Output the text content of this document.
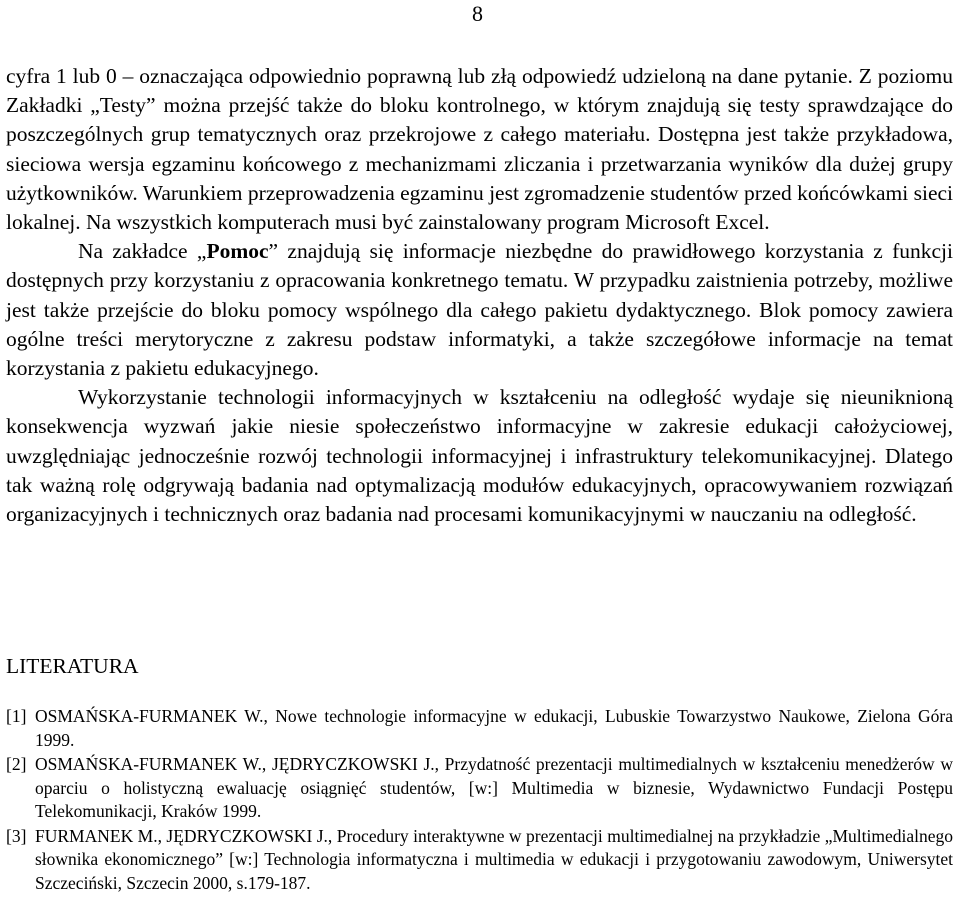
8

cyfra 1 lub 0 – oznaczająca odpowiednio poprawną lub złą odpowiedź udzieloną na dane pytanie. Z poziomu Zakładki „Testy” można przejść także do bloku kontrolnego, w którym znajdują się testy sprawdzające do poszczególnych grup tematycznych oraz przekrojowe z całego materiału. Dostępna jest także przykładowa, sieciowa wersja egzaminu końcowego z mechanizmami zliczania i przetwarzania wyników dla dużej grupy użytkowników. Warunkiem przeprowadzenia egzaminu jest zgromadzenie studentów przed końcówkami sieci lokalnej. Na wszystkich komputerach musi być zainstalowany program Microsoft Excel.

Na zakładce „Pomoc” znajdują się informacje niezbędne do prawidłowego korzystania z funkcji dostępnych przy korzystaniu z opracowania konkretnego tematu. W przypadku zaistnienia potrzeby, możliwe jest także przejście do bloku pomocy wspólnego dla całego pakietu dydaktycznego. Blok pomocy zawiera ogólne treści merytoryczne z zakresu podstaw informatyki, a także szczegółowe informacje na temat korzystania z pakietu edukacyjnego.

Wykorzystanie technologii informacyjnych w kształceniu na odległość wydaje się nieuniknioną konsekwencja wyzwań jakie niesie społeczeństwo informacyjne w zakresie edukacji całożyciowej, uwzględniając jednocześnie rozwój technologii informacyjnej i infrastruktury telekomunikacyjnej. Dlatego tak ważną rolę odgrywają badania nad optymalizacją modułów edukacyjnych, opracowywaniem rozwiązań organizacyjnych i technicznych oraz badania nad procesami komunikacyjnymi w nauczaniu na odległość.

LITERATURA
[1] OSMAŃSKA-FURMANEK W., Nowe technologie informacyjne w edukacji, Lubuskie Towarzystwo Naukowe, Zielona Góra 1999.
[2] OSMAŃSKA-FURMANEK W., JĘDRYCZKOWSKI J., Przydatność prezentacji multimedialnych w kształceniu menedżerów w oparciu o holistyczną ewaluację osiągnięć studentów, [w:] Multimedia w biznesie, Wydawnictwo Fundacji Postępu Telekomunikacji, Kraków 1999.
[3] FURMANEK M., JĘDRYCZKOWSKI J., Procedury interaktywne w prezentacji multimedialnej na przykładzie „Multimedialnego słownika ekonomicznego” [w:] Technologia informatyczna i multimedia w edukacji i przygotowaniu zawodowym, Uniwersytet Szczeciński, Szczecin 2000, s.179-187.
